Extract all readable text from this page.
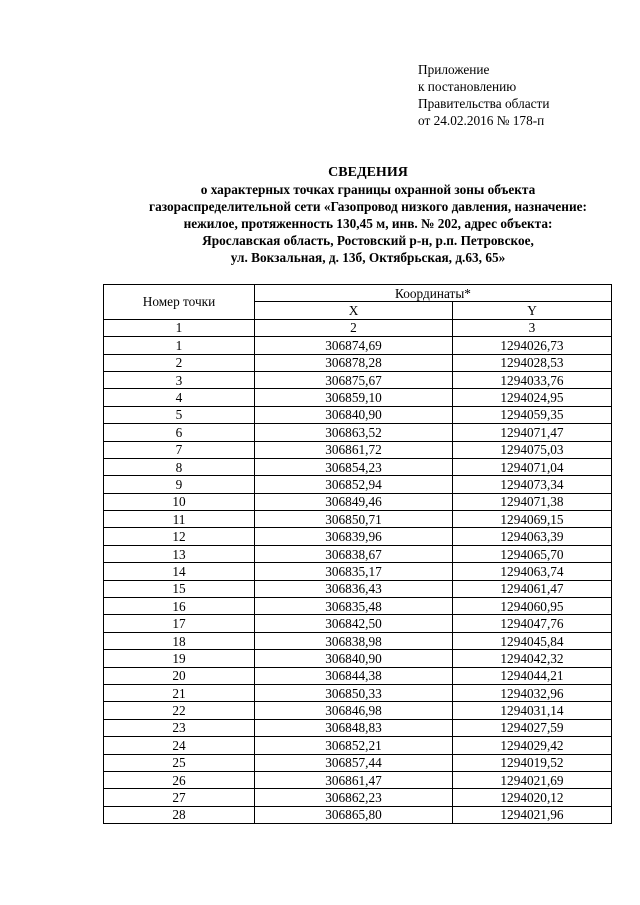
Приложение
к постановлению
Правительства области
от 24.02.2016 № 178-п
СВЕДЕНИЯ
о характерных точках границы охранной зоны объекта
газораспределительной сети «Газопровод низкого давления, назначение:
нежилое, протяженность 130,45 м, инв. № 202, адрес объекта:
Ярославская область, Ростовский р-н, р.п. Петровское,
ул. Вокзальная, д. 13б, Октябрьская, д.63, 65»
Номер точки	Координаты*	
	X	Y
1	2	3
1	306874,69	1294026,73
2	306878,28	1294028,53
3	306875,67	1294033,76
4	306859,10	1294024,95
5	306840,90	1294059,35
6	306863,52	1294071,47
7	306861,72	1294075,03
8	306854,23	1294071,04
9	306852,94	1294073,34
10	306849,46	1294071,38
11	306850,71	1294069,15
12	306839,96	1294063,39
13	306838,67	1294065,70
14	306835,17	1294063,74
15	306836,43	1294061,47
16	306835,48	1294060,95
17	306842,50	1294047,76
18	306838,98	1294045,84
19	306840,90	1294042,32
20	306844,38	1294044,21
21	306850,33	1294032,96
22	306846,98	1294031,14
23	306848,83	1294027,59
24	306852,21	1294029,42
25	306857,44	1294019,52
26	306861,47	1294021,69
27	306862,23	1294020,12
28	306865,80	1294021,96
